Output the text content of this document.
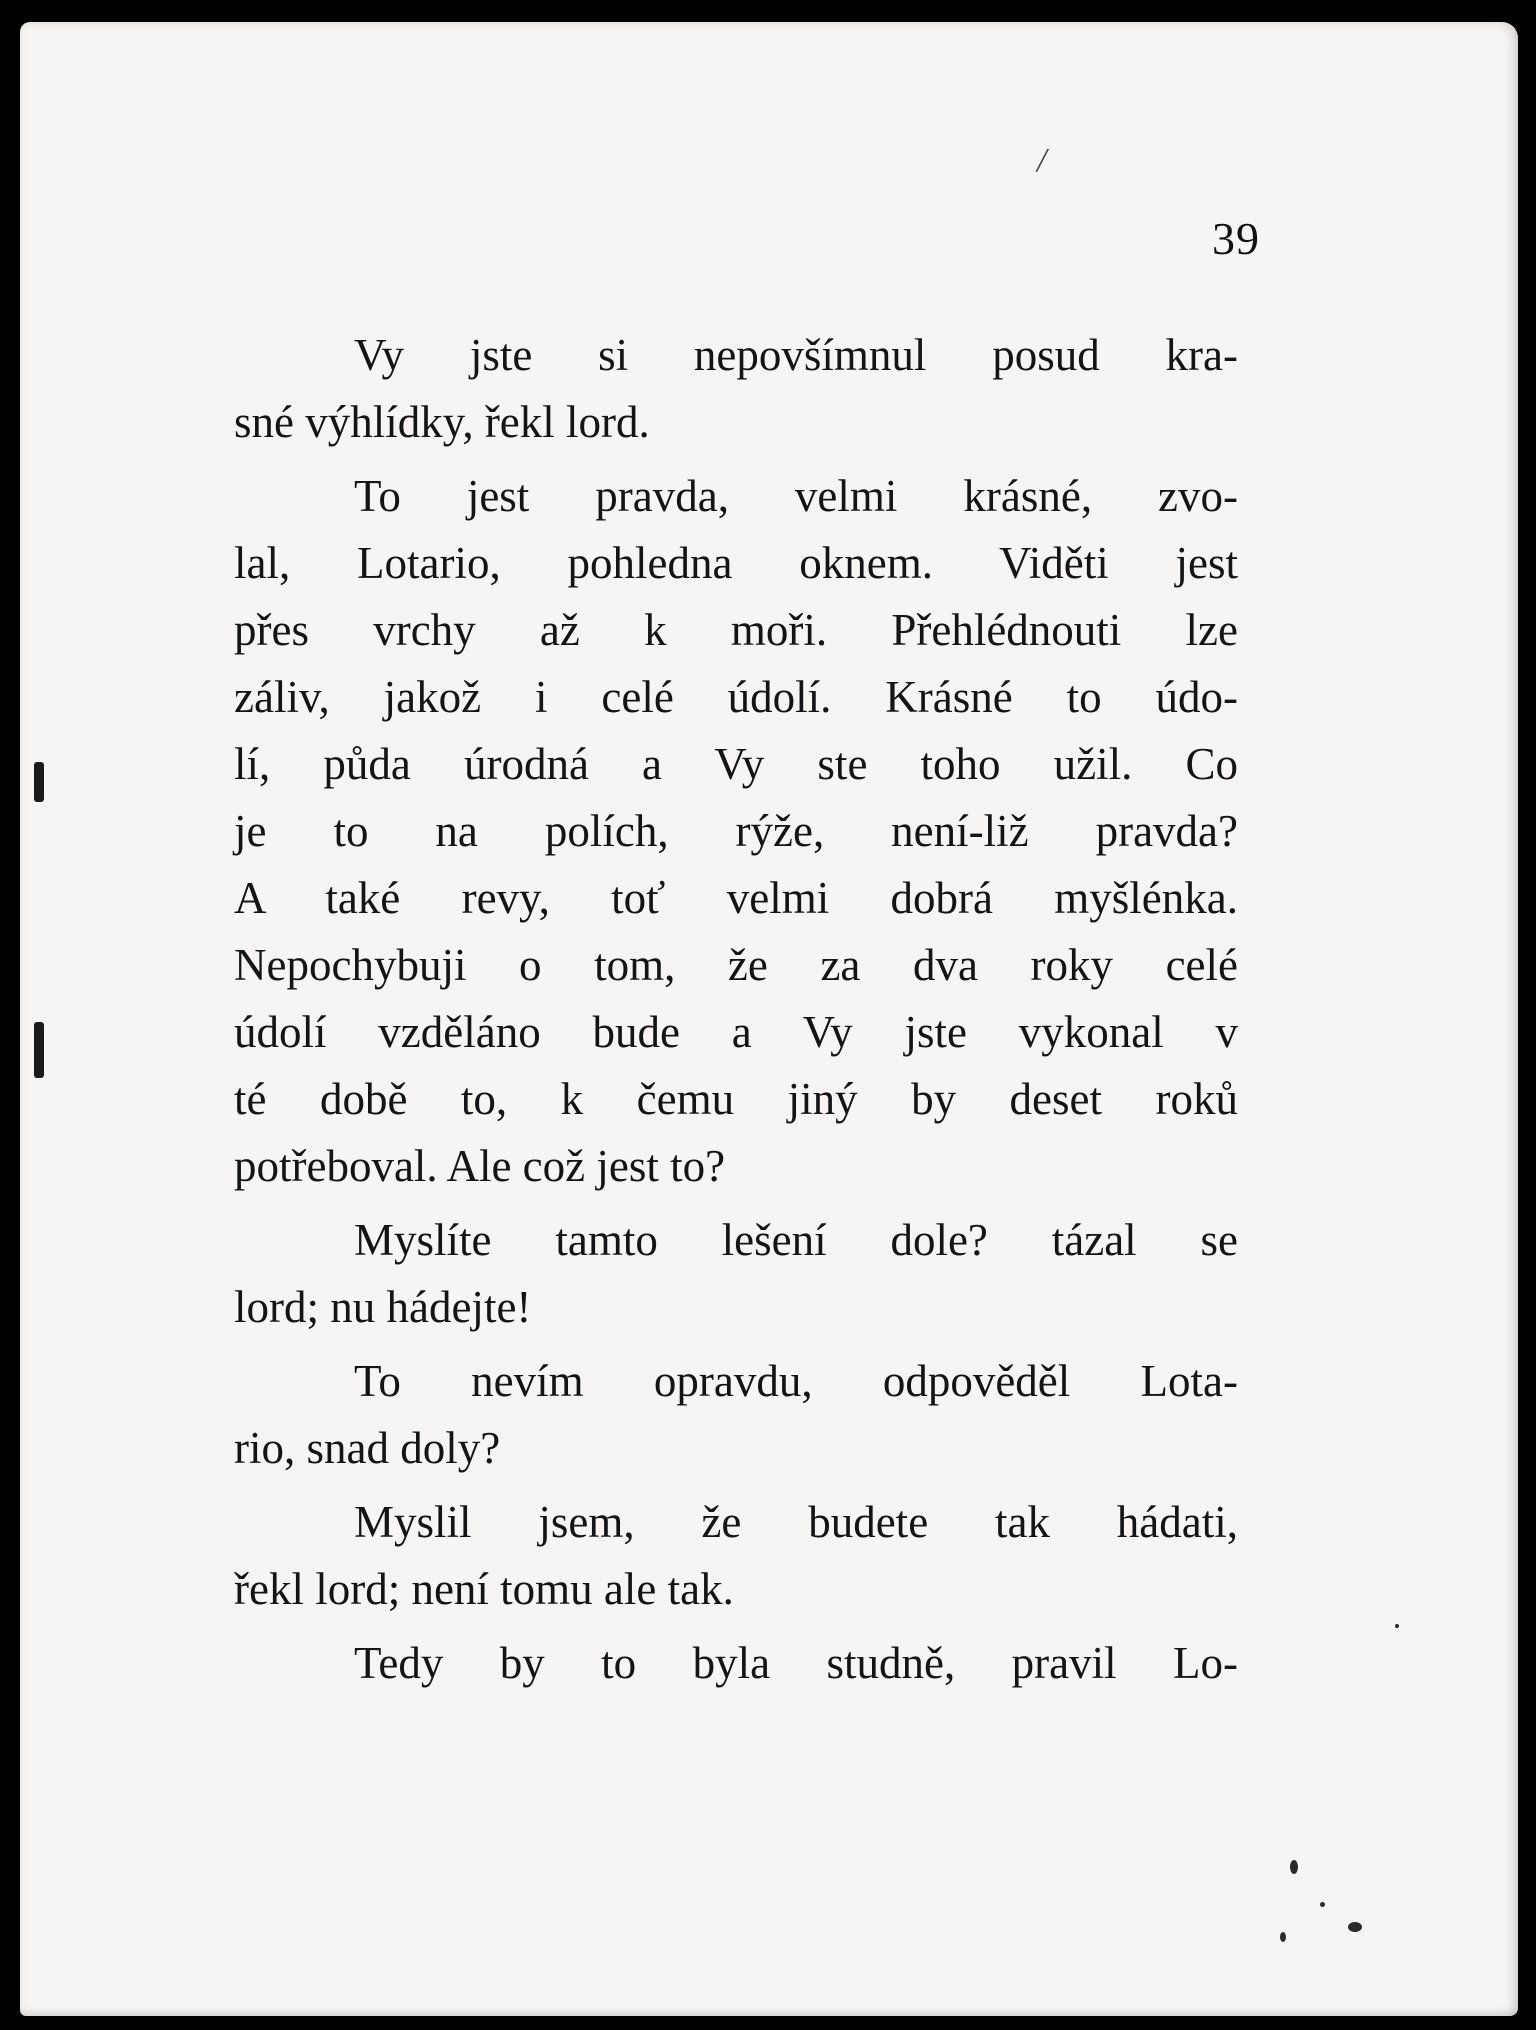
/
39
Vy jste si nepovšímnul posud kra-
sné výhlídky, řekl lord.
To jest pravda, velmi krásné, zvo-
lal, Lotario, pohledna oknem. Viděti jest
přes vrchy až k moři. Přehlédnouti lze
záliv, jakož i celé údolí. Krásné to údo-
lí, půda úrodná a Vy ste toho užil. Co
je to na polích, rýže, není-liž pravda?
A také revy, toť velmi dobrá myšlénka.
Nepochybuji o tom, že za dva roky celé
údolí vzděláno bude a Vy jste vykonal v
té době to, k čemu jiný by deset roků
potřeboval. Ale což jest to?
Myslíte tamto lešení dole? tázal se
lord; nu hádejte!
To nevím opravdu, odpověděl Lota-
rio, snad doly?
Myslil jsem, že budete tak hádati,
řekl lord; není tomu ale tak.
Tedy by to byla studně, pravil Lo-
